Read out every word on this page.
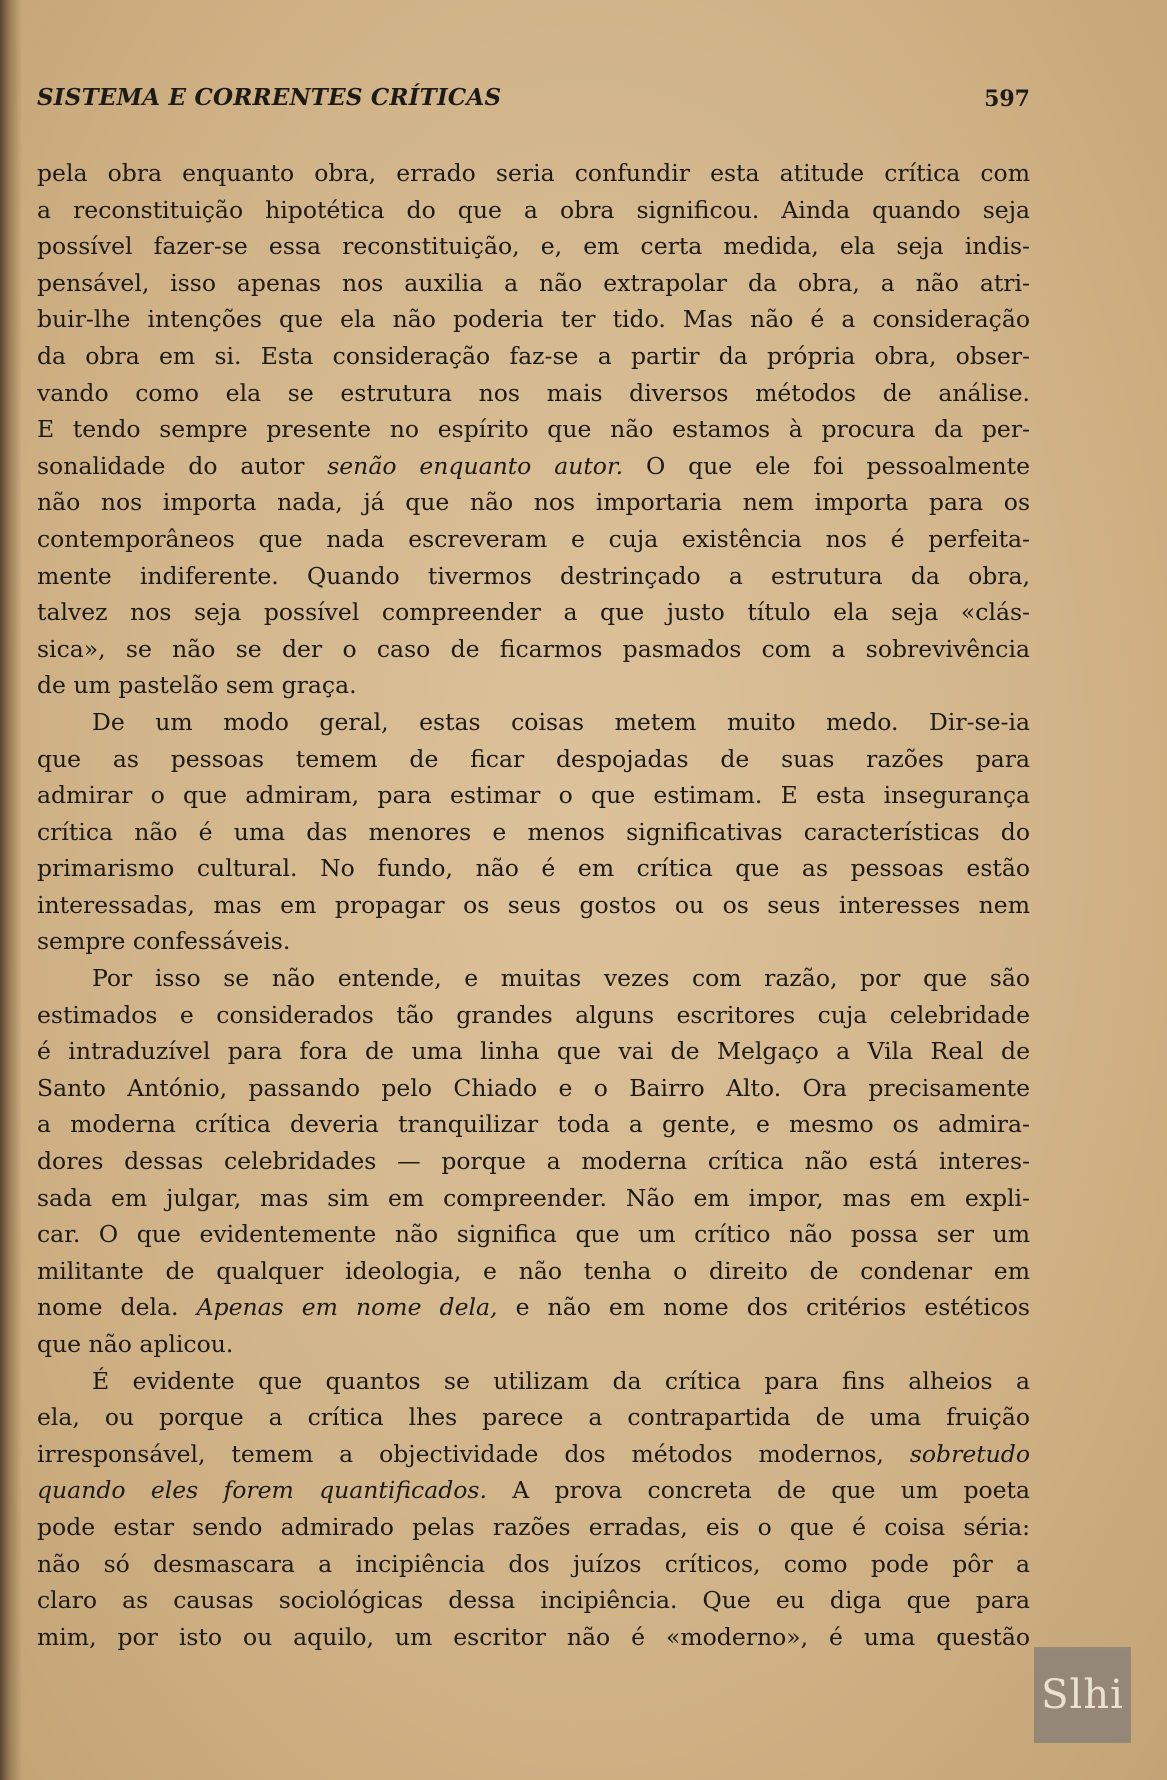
SISTEMA E CORRENTES CRÍTICAS	597
pela obra enquanto obra, errado seria confundir esta atitude crítica com
a reconstituição hipotética do que a obra significou. Ainda quando seja
possível fazer-se essa reconstituição, e, em certa medida, ela seja indis-
pensável, isso apenas nos auxilia a não extrapolar da obra, a não atri-
buir-lhe intenções que ela não poderia ter tido. Mas não é a consideração
da obra em si. Esta consideração faz-se a partir da própria obra, obser-
vando como ela se estrutura nos mais diversos métodos de análise.
E tendo sempre presente no espírito que não estamos à procura da per-
sonalidade do autor senão enquanto autor. O que ele foi pessoalmente
não nos importa nada, já que não nos importaria nem importa para os
contemporâneos que nada escreveram e cuja existência nos é perfeita-
mente indiferente. Quando tivermos destrinçado a estrutura da obra,
talvez nos seja possível compreender a que justo título ela seja «clás-
sica», se não se der o caso de ficarmos pasmados com a sobrevivência
de um pastelão sem graça.
De um modo geral, estas coisas metem muito medo. Dir-se-ia
que as pessoas temem de ficar despojadas de suas razões para
admirar o que admiram, para estimar o que estimam. E esta insegurança
crítica não é uma das menores e menos significativas características do
primarismo cultural. No fundo, não é em crítica que as pessoas estão
interessadas, mas em propagar os seus gostos ou os seus interesses nem
sempre confessáveis.
Por isso se não entende, e muitas vezes com razão, por que são
estimados e considerados tão grandes alguns escritores cuja celebridade
é intraduzível para fora de uma linha que vai de Melgaço a Vila Real de
Santo António, passando pelo Chiado e o Bairro Alto. Ora precisamente
a moderna crítica deveria tranquilizar toda a gente, e mesmo os admira-
dores dessas celebridades — porque a moderna crítica não está interes-
sada em julgar, mas sim em compreender. Não em impor, mas em expli-
car. O que evidentemente não significa que um crítico não possa ser um
militante de qualquer ideologia, e não tenha o direito de condenar em
nome dela. Apenas em nome dela, e não em nome dos critérios estéticos
que não aplicou.
É evidente que quantos se utilizam da crítica para fins alheios a
ela, ou porque a crítica lhes parece a contrapartida de uma fruição
irresponsável, temem a objectividade dos métodos modernos, sobretudo
quando eles forem quantificados. A prova concreta de que um poeta
pode estar sendo admirado pelas razões erradas, eis o que é coisa séria:
não só desmascara a incipiência dos juízos críticos, como pode pôr a
claro as causas sociológicas dessa incipiência. Que eu diga que para
mim, por isto ou aquilo, um escritor não é «moderno», é uma questão
Slhi
